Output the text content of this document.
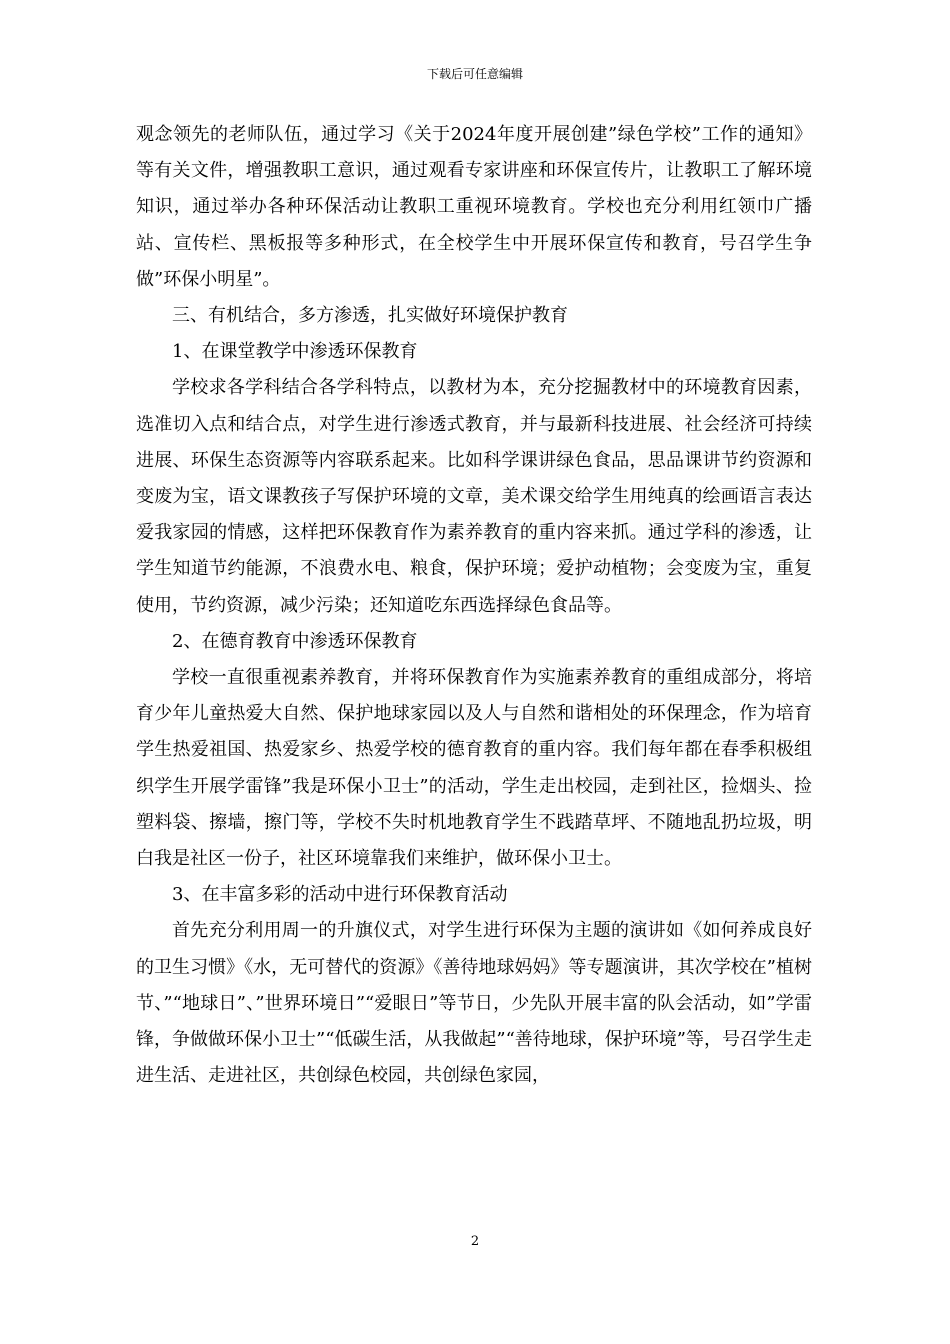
下载后可任意编辑

观念领先的老师队伍，通过学习《关于2024年度开展创建”绿色学校”工作的通知》等有关文件，增强教职工意识，通过观看专家讲座和环保宣传片，让教职工了解环境知识，通过举办各种环保活动让教职工重视环境教育。学校也充分利用红领巾广播站、宣传栏、黑板报等多种形式，在全校学生中开展环保宣传和教育，号召学生争做”环保小明星”。

三、有机结合，多方渗透，扎实做好环境保护教育

1、在课堂教学中渗透环保教育

学校求各学科结合各学科特点，以教材为本，充分挖掘教材中的环境教育因素，选准切入点和结合点，对学生进行渗透式教育，并与最新科技进展、社会经济可持续进展、环保生态资源等内容联系起来。比如科学课讲绿色食品，思品课讲节约资源和变废为宝，语文课教孩子写保护环境的文章，美术课交给学生用纯真的绘画语言表达爱我家园的情感，这样把环保教育作为素养教育的重内容来抓。通过学科的渗透，让学生知道节约能源，不浪费水电、粮食，保护环境；爱护动植物；会变废为宝，重复使用，节约资源，减少污染；还知道吃东西选择绿色食品等。

2、在德育教育中渗透环保教育

学校一直很重视素养教育，并将环保教育作为实施素养教育的重组成部分，将培育少年儿童热爱大自然、保护地球家园以及人与自然和谐相处的环保理念，作为培育学生热爱祖国、热爱家乡、热爱学校的德育教育的重内容。我们每年都在春季积极组织学生开展学雷锋”我是环保小卫士”的活动，学生走出校园，走到社区，捡烟头、捡塑料袋、擦墙，擦门等，学校不失时机地教育学生不践踏草坪、不随地乱扔垃圾，明白我是社区一份子，社区环境靠我们来维护，做环保小卫士。

3、在丰富多彩的活动中进行环保教育活动

首先充分利用周一的升旗仪式，对学生进行环保为主题的演讲如《如何养成良好的卫生习惯》《水，无可替代的资源》《善待地球妈妈》等专题演讲，其次学校在”植树节、”“地球日”、”世界环境日”“爱眼日”等节日，少先队开展丰富的队会活动，如”学雷锋，争做做环保小卫士”“低碳生活，从我做起”“善待地球，保护环境”等，号召学生走进生活、走进社区，共创绿色校园，共创绿色家园，

2
